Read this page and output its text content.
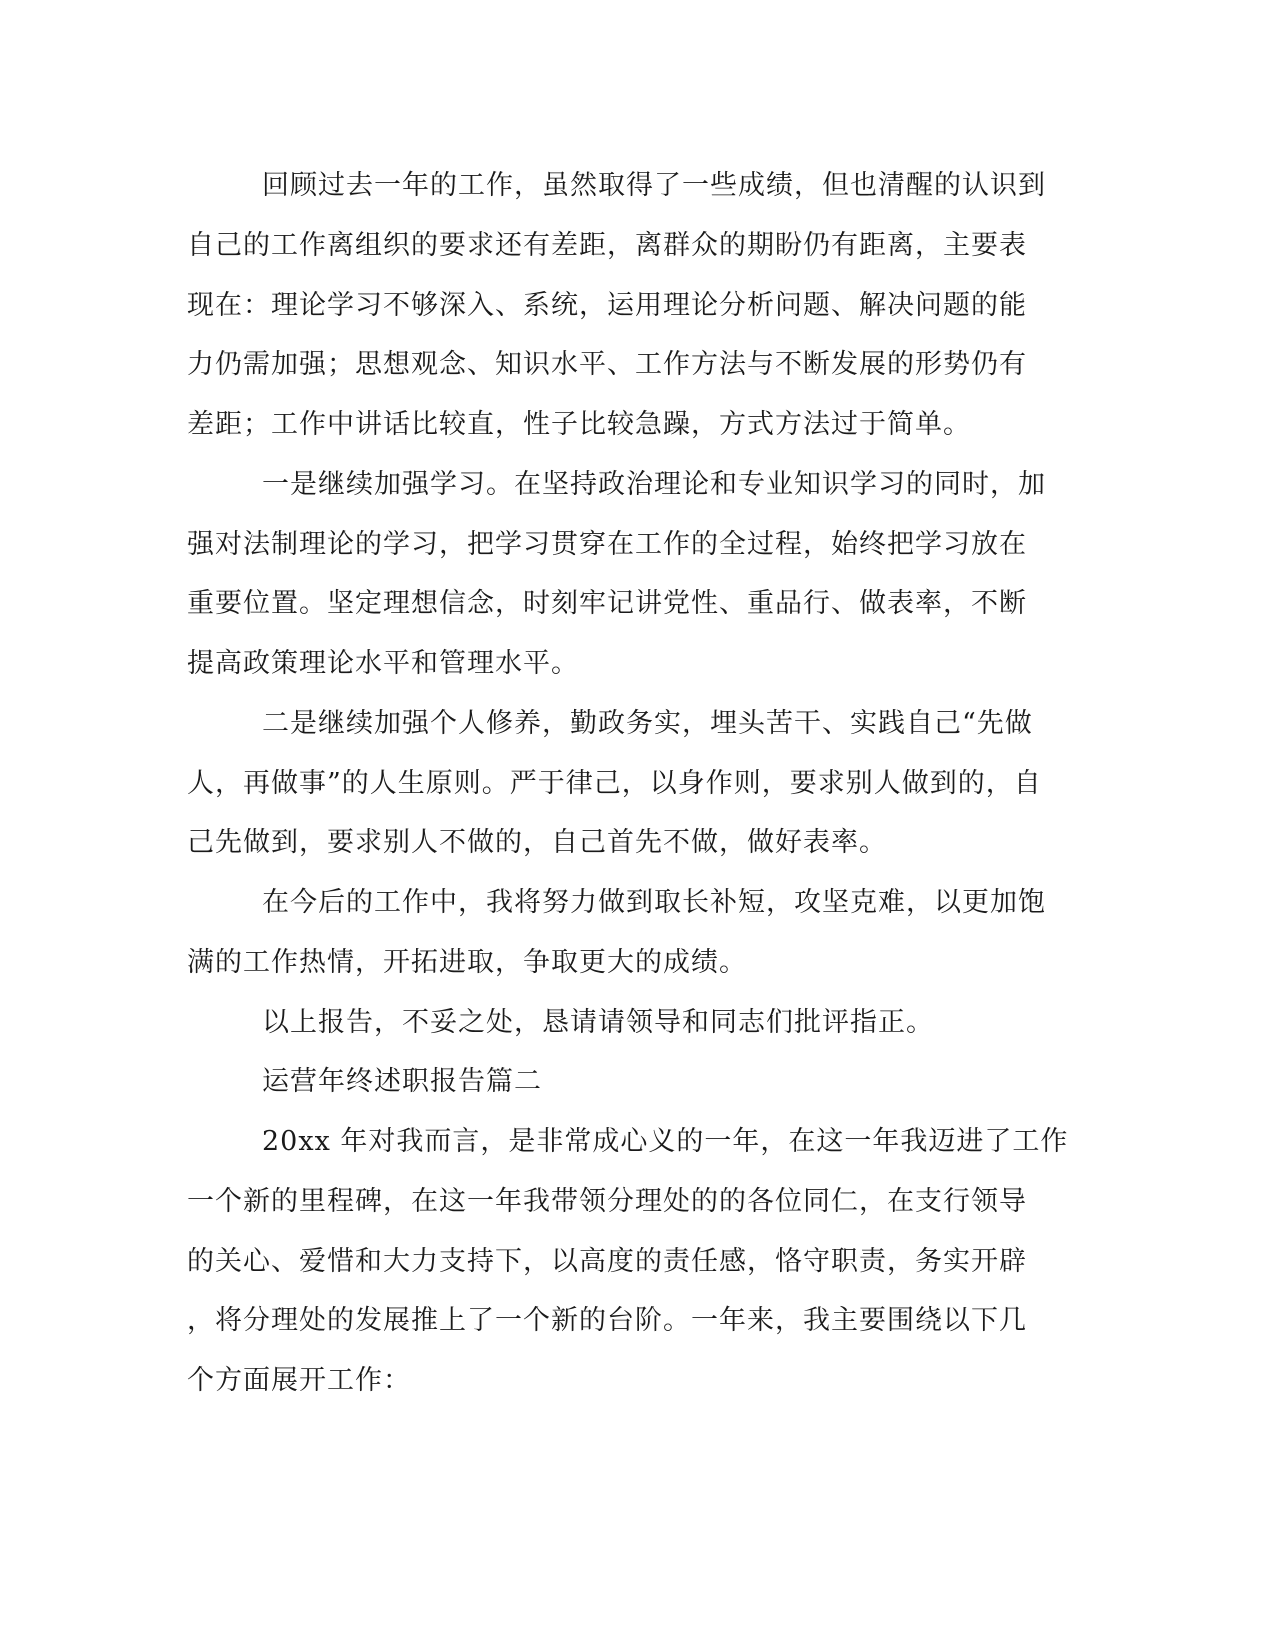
回顾过去一年的工作，虽然取得了一些成绩，但也清醒的认识到
自己的工作离组织的要求还有差距，离群众的期盼仍有距离，主要表
现在：理论学习不够深入、系统，运用理论分析问题、解决问题的能
力仍需加强；思想观念、知识水平、工作方法与不断发展的形势仍有
差距；工作中讲话比较直，性子比较急躁，方式方法过于简单。
一是继续加强学习。在坚持政治理论和专业知识学习的同时，加
强对法制理论的学习，把学习贯穿在工作的全过程，始终把学习放在
重要位置。坚定理想信念，时刻牢记讲党性、重品行、做表率，不断
提高政策理论水平和管理水平。
二是继续加强个人修养，勤政务实，埋头苦干、实践自己“先做
人，再做事”的人生原则。严于律己，以身作则，要求别人做到的，自
己先做到，要求别人不做的，自己首先不做，做好表率。
在今后的工作中，我将努力做到取长补短，攻坚克难，以更加饱
满的工作热情，开拓进取，争取更大的成绩。
以上报告，不妥之处，恳请请领导和同志们批评指正。
运营年终述职报告篇二
20xx 年对我而言，是非常成心义的一年，在这一年我迈进了工作
一个新的里程碑，在这一年我带领分理处的的各位同仁，在支行领导
的关心、爱惜和大力支持下，以高度的责任感，恪守职责，务实开辟
，将分理处的发展推上了一个新的台阶。一年来，我主要围绕以下几
个方面展开工作：
